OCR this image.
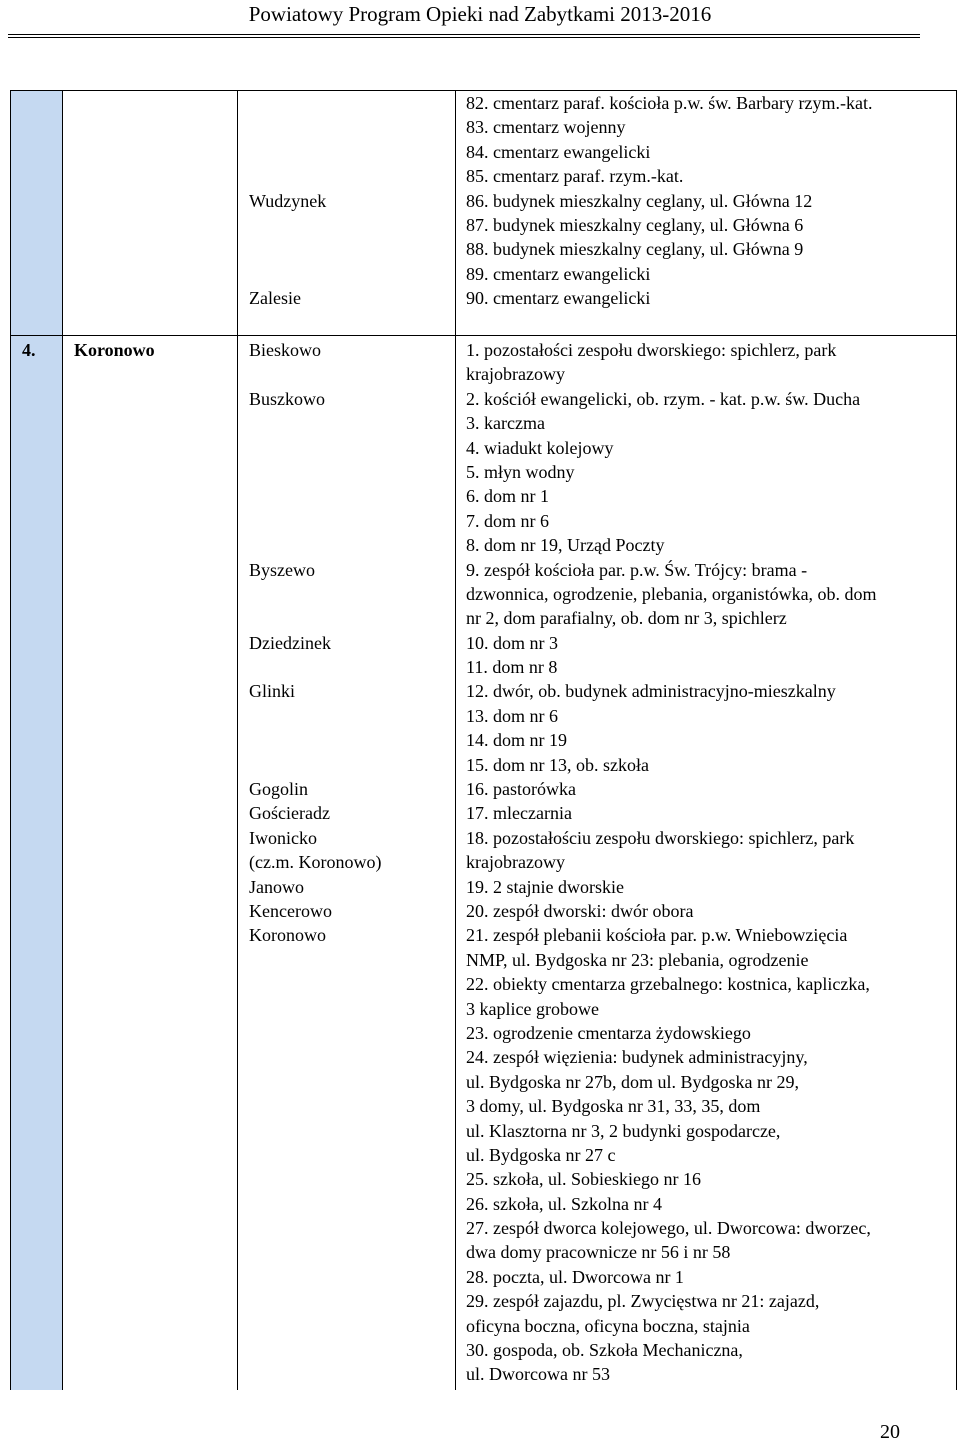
Powiatowy Program Opieki nad Zabytkami 2013-2016
Wudzynek
Zalesie
82. cmentarz paraf. kościoła p.w. św. Barbary rzym.-kat.
83. cmentarz wojenny
84. cmentarz ewangelicki
85. cmentarz paraf. rzym.-kat.
86. budynek mieszkalny ceglany, ul. Główna 12
87. budynek mieszkalny ceglany, ul. Główna 6
88. budynek mieszkalny ceglany, ul. Główna 9
89. cmentarz ewangelicki
90. cmentarz ewangelicki
4. Koronowo	Bieskowo
Buszkowo
Byszewo
Dziedzinek
Glinki
Gogolin
Gościeradz
Iwonicko
(cz.m. Koronowo)
Janowo
Kencerowo
Koronowo
1. pozostałości zespołu dworskiego: spichlerz, park
krajobrazowy
2. kościół ewangelicki, ob. rzym. - kat. p.w. św. Ducha
3. karczma
4. wiadukt kolejowy
5. młyn wodny
6. dom nr 1
7. dom nr 6
8. dom nr 19, Urząd Poczty
9. zespół kościoła par. p.w. Św. Trójcy: brama -
dzwonnica, ogrodzenie, plebania, organistówka, ob. dom
nr 2, dom parafialny, ob. dom nr 3, spichlerz
10. dom nr 3
11. dom nr 8
12. dwór, ob. budynek administracyjno-mieszkalny
13. dom nr 6
14. dom nr 19
15. dom nr 13, ob. szkoła
16. pastorówka
17. mleczarnia
18. pozostałościu zespołu dworskiego: spichlerz, park
krajobrazowy
19. 2 stajnie dworskie
20. zespół dworski: dwór obora
21. zespół plebanii kościoła par. p.w. Wniebowzięcia
NMP, ul. Bydgoska nr 23: plebania, ogrodzenie
22. obiekty cmentarza grzebalnego: kostnica, kapliczka,
3 kaplice grobowe
23. ogrodzenie cmentarza żydowskiego
24. zespół więzienia: budynek administracyjny,
ul. Bydgoska nr 27b, dom ul. Bydgoska nr 29,
3 domy, ul. Bydgoska nr 31, 33, 35, dom
ul. Klasztorna nr 3, 2 budynki gospodarcze,
ul. Bydgoska nr 27 c
25. szkoła, ul. Sobieskiego nr 16
26. szkoła, ul. Szkolna nr 4
27. zespół dworca kolejowego, ul. Dworcowa: dworzec,
dwa domy pracownicze nr 56 i nr 58
28. poczta, ul. Dworcowa nr 1
29. zespół zajazdu, pl. Zwycięstwa nr 21: zajazd,
oficyna boczna, oficyna boczna, stajnia
30. gospoda, ob. Szkoła Mechaniczna,
ul. Dworcowa nr 53
20
